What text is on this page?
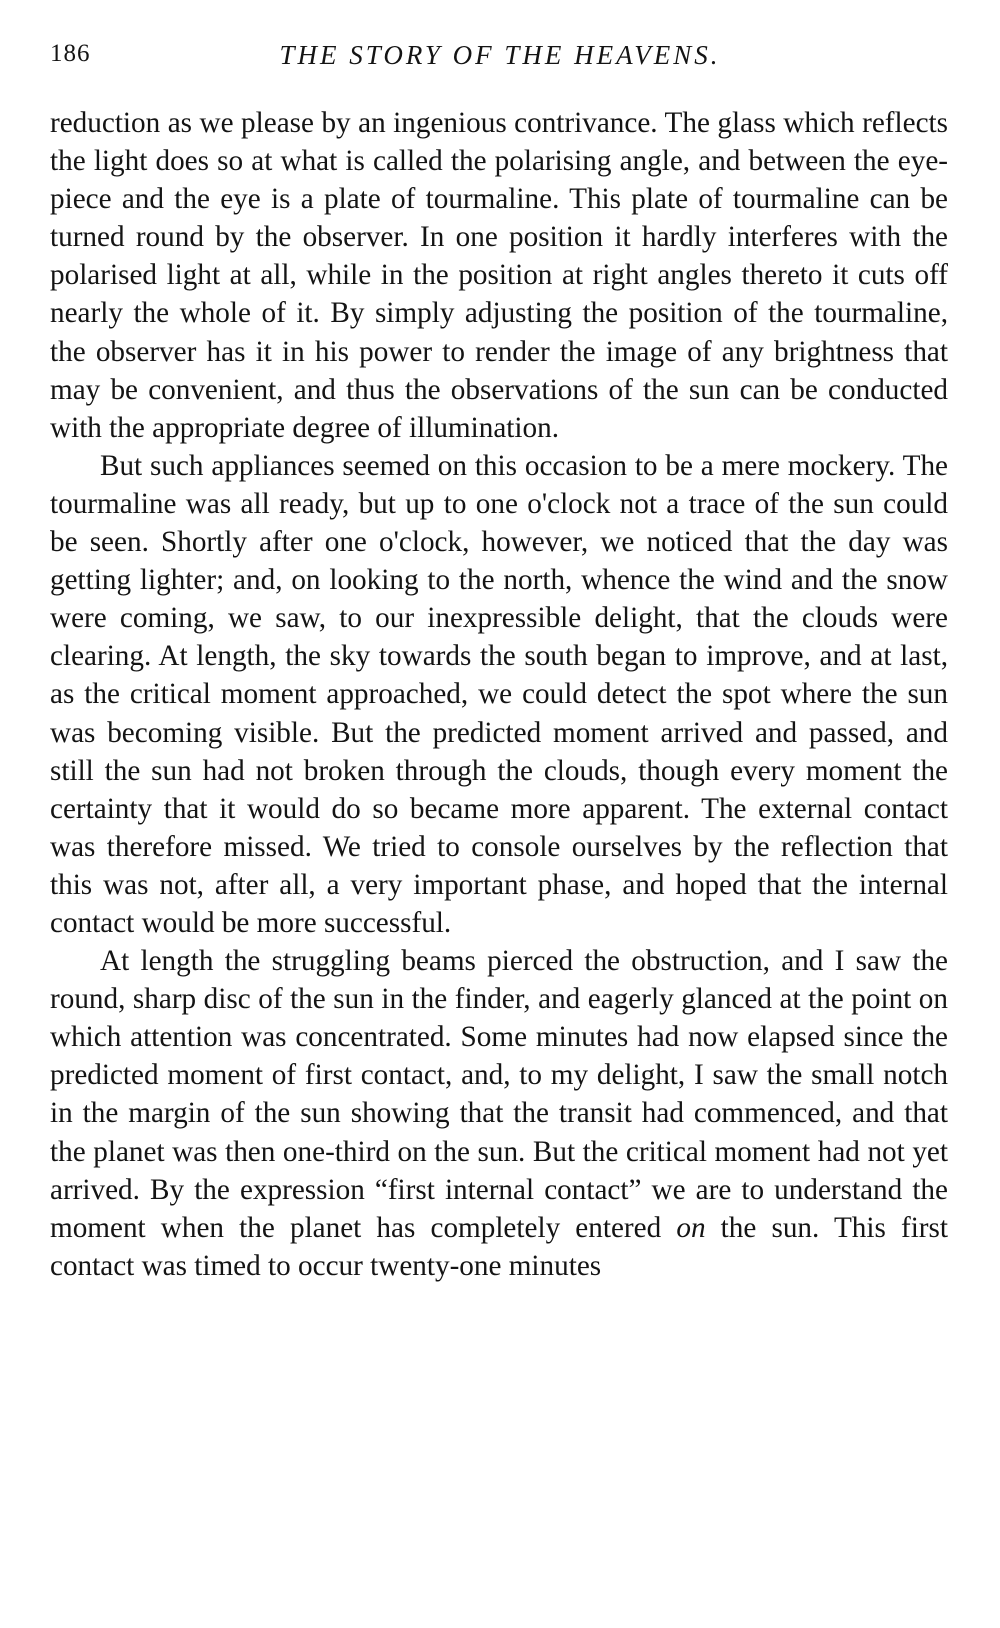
186	THE STORY OF THE HEAVENS.

reduction as we please by an ingenious contrivance. The glass which reflects the light does so at what is called the polarising angle, and between the eye-piece and the eye is a plate of tourmaline. This plate of tourmaline can be turned round by the observer. In one position it hardly interferes with the polarised light at all, while in the position at right angles thereto it cuts off nearly the whole of it. By simply adjusting the position of the tourmaline, the observer has it in his power to render the image of any brightness that may be convenient, and thus the observations of the sun can be conducted with the appropriate degree of illumination.

But such appliances seemed on this occasion to be a mere mockery. The tourmaline was all ready, but up to one o'clock not a trace of the sun could be seen. Shortly after one o'clock, however, we noticed that the day was getting lighter; and, on looking to the north, whence the wind and the snow were coming, we saw, to our inexpressible delight, that the clouds were clearing. At length, the sky towards the south began to improve, and at last, as the critical moment approached, we could detect the spot where the sun was becoming visible. But the predicted moment arrived and passed, and still the sun had not broken through the clouds, though every moment the certainty that it would do so became more apparent. The external contact was therefore missed. We tried to console ourselves by the reflection that this was not, after all, a very important phase, and hoped that the internal contact would be more successful.

At length the struggling beams pierced the obstruction, and I saw the round, sharp disc of the sun in the finder, and eagerly glanced at the point on which attention was concentrated. Some minutes had now elapsed since the predicted moment of first contact, and, to my delight, I saw the small notch in the margin of the sun showing that the transit had commenced, and that the planet was then one-third on the sun. But the critical moment had not yet arrived. By the expression “first internal contact” we are to understand the moment when the planet has completely entered on the sun. This first contact was timed to occur twenty-one minutes
